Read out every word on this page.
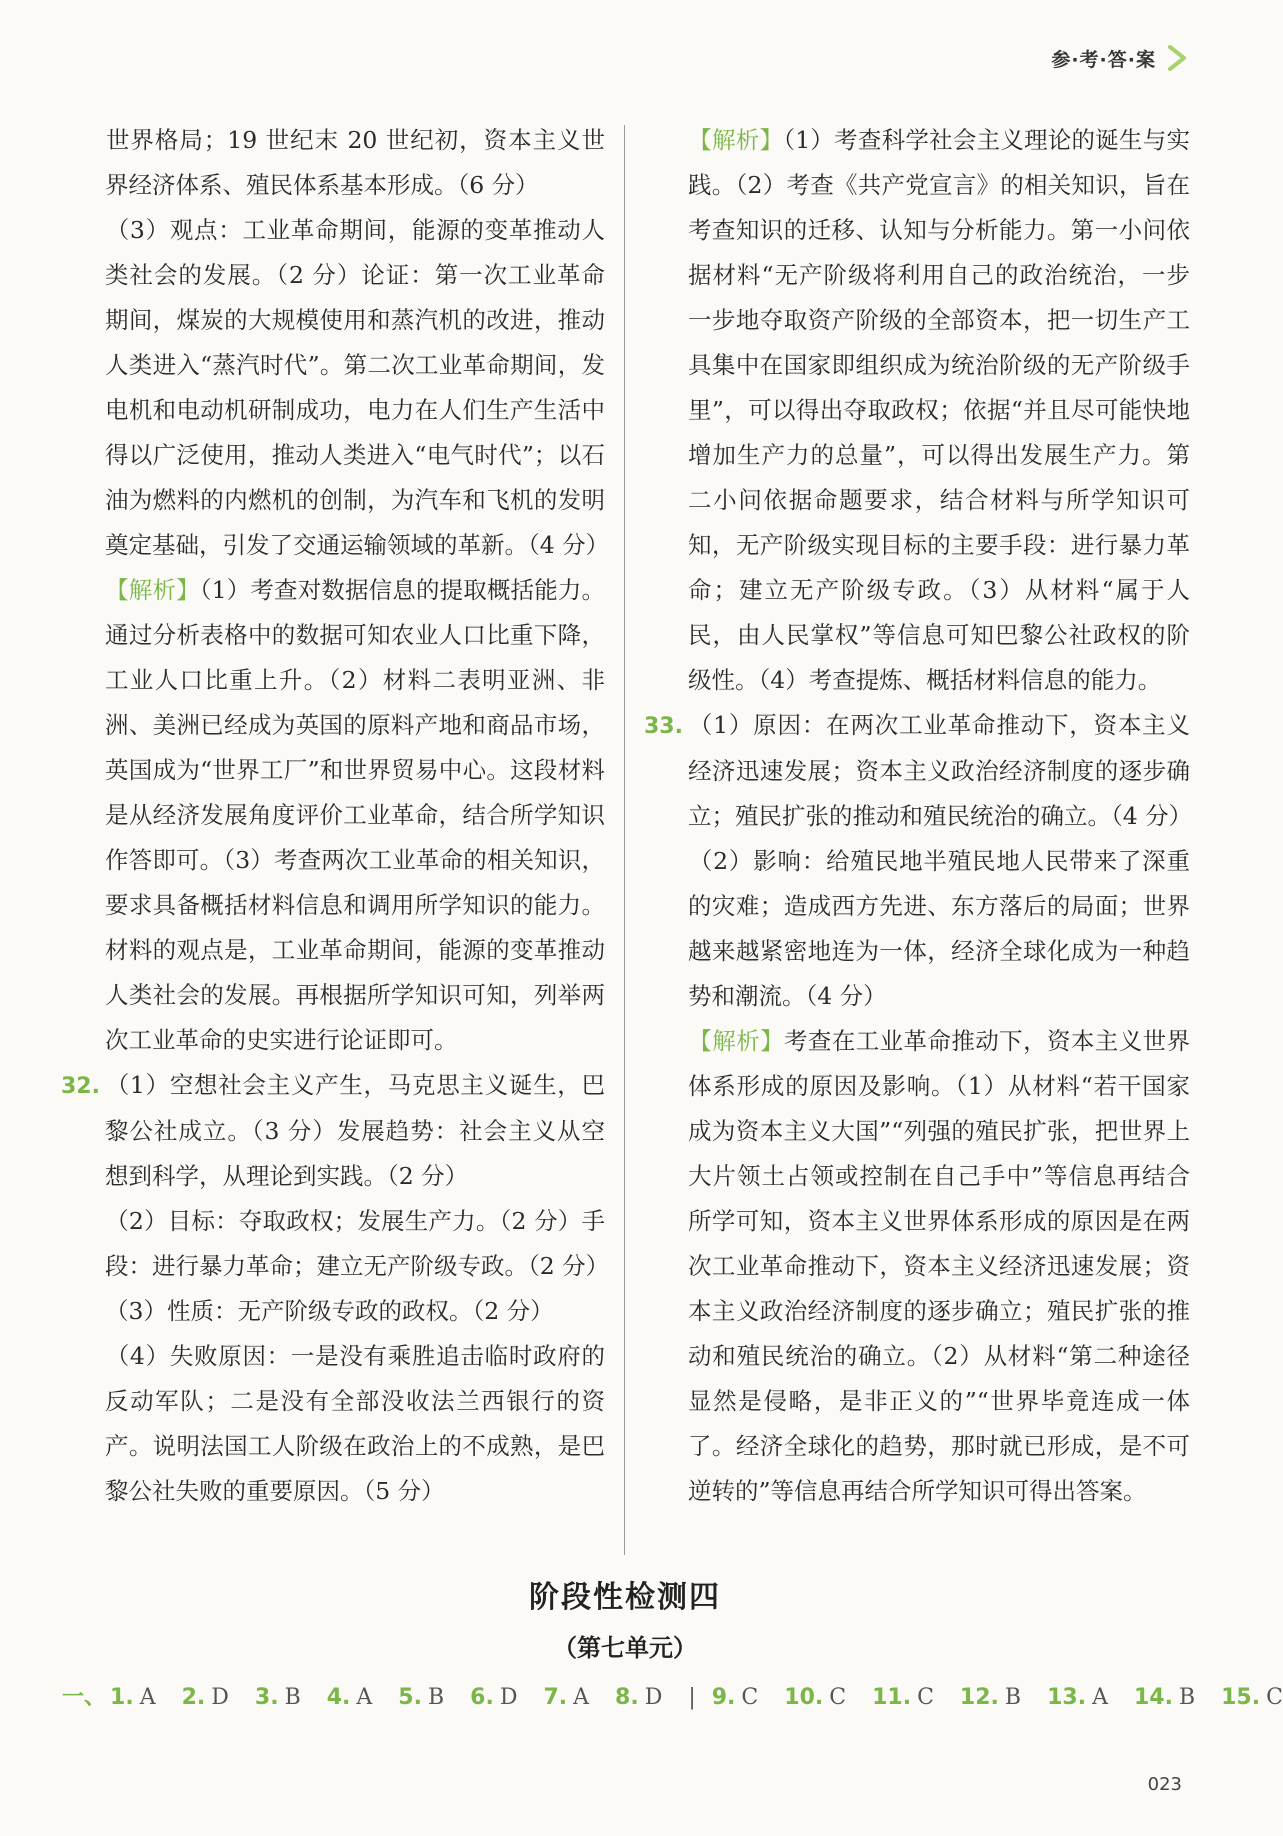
参·考·答·案

世界格局；19 世纪末 20 世纪初，资本主义世界经济体系、殖民体系基本形成。（6 分）

（3）观点：工业革命期间，能源的变革推动人类社会的发展。（2 分）论证：第一次工业革命期间，煤炭的大规模使用和蒸汽机的改进，推动人类进入“蒸汽时代”。第二次工业革命期间，发电机和电动机研制成功，电力在人们生产生活中得以广泛使用，推动人类进入“电气时代”；以石油为燃料的内燃机的创制，为汽车和飞机的发明奠定基础，引发了交通运输领域的革新。（4 分）

【解析】（1）考查对数据信息的提取概括能力。通过分析表格中的数据可知农业人口比重下降，工业人口比重上升。（2）材料二表明亚洲、非洲、美洲已经成为英国的原料产地和商品市场，英国成为“世界工厂”和世界贸易中心。这段材料是从经济发展角度评价工业革命，结合所学知识作答即可。（3）考查两次工业革命的相关知识，要求具备概括材料信息和调用所学知识的能力。材料的观点是，工业革命期间，能源的变革推动人类社会的发展。再根据所学知识可知，列举两次工业革命的史实进行论证即可。

32. （1）空想社会主义产生，马克思主义诞生，巴黎公社成立。（3 分）发展趋势：社会主义从空想到科学，从理论到实践。（2 分）

（2）目标：夺取政权；发展生产力。（2 分）手段：进行暴力革命；建立无产阶级专政。（2 分）

（3）性质：无产阶级专政的政权。（2 分）

（4）失败原因：一是没有乘胜追击临时政府的反动军队；二是没有全部没收法兰西银行的资产。说明法国工人阶级在政治上的不成熟，是巴黎公社失败的重要原因。（5 分）

【解析】（1）考查科学社会主义理论的诞生与实践。（2）考查《共产党宣言》的相关知识，旨在考查知识的迁移、认知与分析能力。第一小问依据材料“无产阶级将利用自己的政治统治，一步一步地夺取资产阶级的全部资本，把一切生产工具集中在国家即组织成为统治阶级的无产阶级手里”，可以得出夺取政权；依据“并且尽可能快地增加生产力的总量”，可以得出发展生产力。第二小问依据命题要求，结合材料与所学知识可知，无产阶级实现目标的主要手段：进行暴力革命；建立无产阶级专政。（3）从材料“属于人民，由人民掌权”等信息可知巴黎公社政权的阶级性。（4）考查提炼、概括材料信息的能力。

33. （1）原因：在两次工业革命推动下，资本主义经济迅速发展；资本主义政治经济制度的逐步确立；殖民扩张的推动和殖民统治的确立。（4 分）

（2）影响：给殖民地半殖民地人民带来了深重的灾难；造成西方先进、东方落后的局面；世界越来越紧密地连为一体，经济全球化成为一种趋势和潮流。（4 分）

【解析】考查在工业革命推动下，资本主义世界体系形成的原因及影响。（1）从材料“若干国家成为资本主义大国”“列强的殖民扩张，把世界上大片领土占领或控制在自己手中”等信息再结合所学可知，资本主义世界体系形成的原因是在两次工业革命推动下，资本主义经济迅速发展；资本主义政治经济制度的逐步确立；殖民扩张的推动和殖民统治的确立。（2）从材料“第二种途径显然是侵略，是非正义的”“世界毕竟连成一体了。经济全球化的趋势，那时就已形成，是不可逆转的”等信息再结合所学知识可得出答案。

阶段性检测四
（第七单元）
一、 1. A 2. D 3. B 4. A 5. B 6. D 7. A 8. D | 9. C 10. C 11. C 12. B 13. A 14. B 15. C
023
